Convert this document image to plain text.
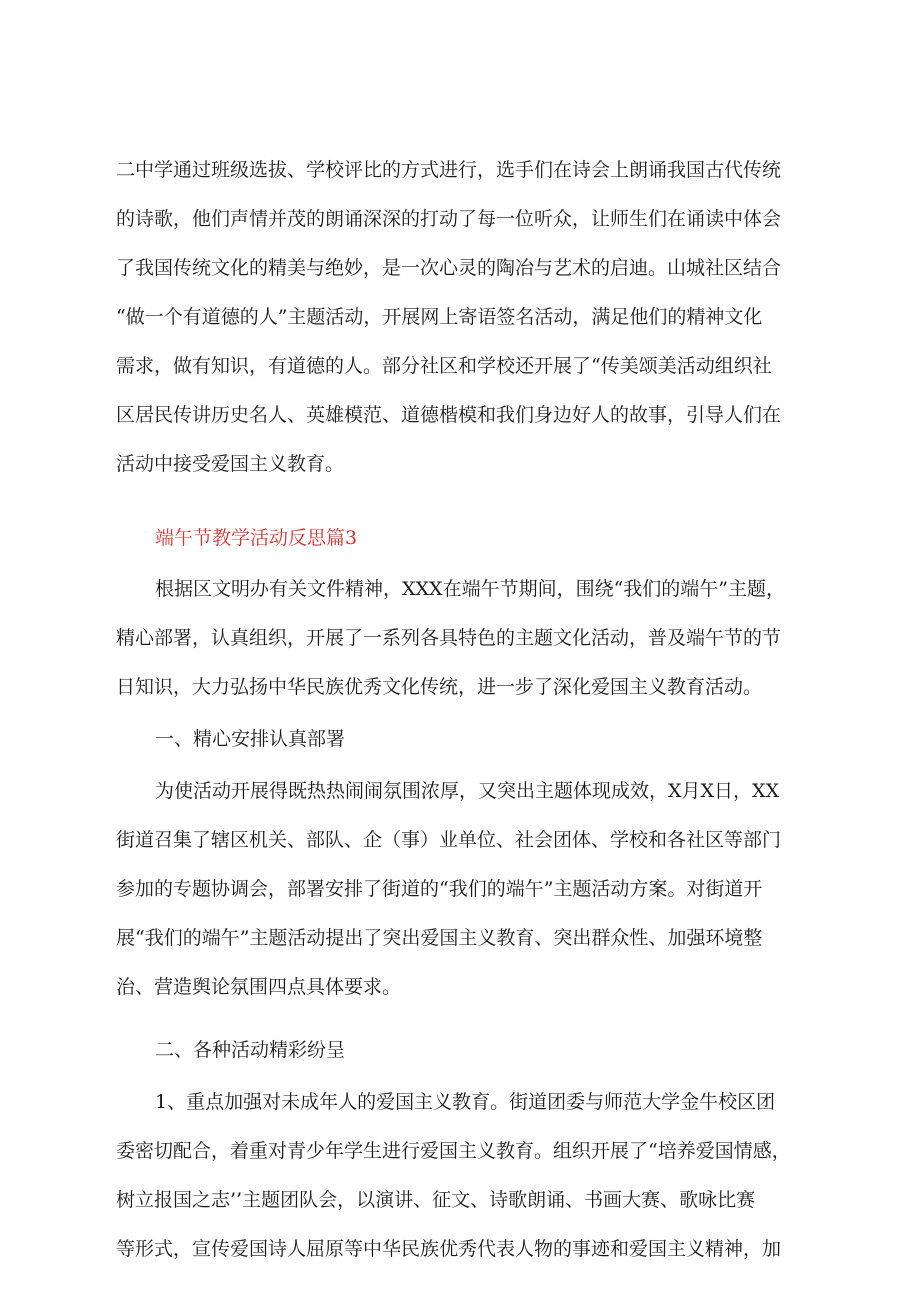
二中学通过班级选拔、学校评比的方式进行，选手们在诗会上朗诵我国古代传统
的诗歌，他们声情并茂的朗诵深深的打动了每一位听众，让师生们在诵读中体会
了我国传统文化的精美与绝妙，是一次心灵的陶冶与艺术的启迪。山城社区结合
“做一个有道德的人”主题活动，开展网上寄语签名活动，满足他们的精神文化
需求，做有知识，有道德的人。部分社区和学校还开展了“传美颂美活动组织社
区居民传讲历史名人、英雄模范、道德楷模和我们身边好人的故事，引导人们在
活动中接受爱国主义教育。
端午节教学活动反思篇3
根据区文明办有关文件精神，XXX在端午节期间，围绕“我们的端午”主题，
精心部署，认真组织，开展了一系列各具特色的主题文化活动，普及端午节的节
日知识，大力弘扬中华民族优秀文化传统，进一步了深化爱国主义教育活动。
一、精心安排认真部署
为使活动开展得既热热闹闹氛围浓厚，又突出主题体现成效，X月X日，XX
街道召集了辖区机关、部队、企（事）业单位、社会团体、学校和各社区等部门
参加的专题协调会，部署安排了街道的“我们的端午”主题活动方案。对街道开
展“我们的端午”主题活动提出了突出爱国主义教育、突出群众性、加强环境整
治、营造舆论氛围四点具体要求。
二、各种活动精彩纷呈
1、重点加强对未成年人的爱国主义教育。街道团委与师范大学金牛校区团
委密切配合，着重对青少年学生进行爱国主义教育。组织开展了“培养爱国情感，
树立报国之志’’主题团队会，以演讲、征文、诗歌朗诵、书画大赛、歌咏比赛
等形式，宣传爱国诗人屈原等中华民族优秀代表人物的事迹和爱国主义精神，加
